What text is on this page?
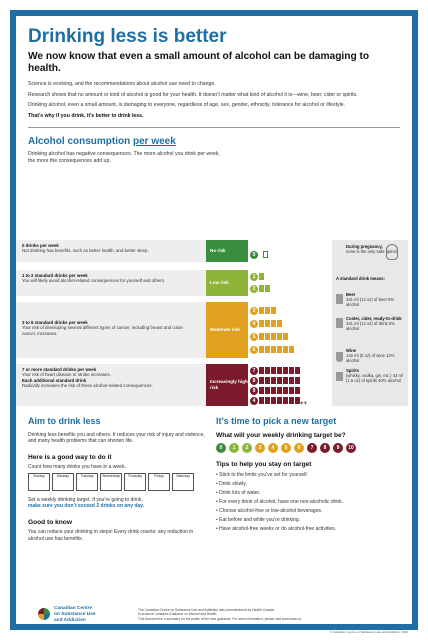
Drinking less is better
We now know that even a small amount of alcohol can be damaging to health.
Science is evolving, and the recommendations about alcohol use need to change.
Research shows that no amount or kind of alcohol is good for your health. It doesn’t matter what kind of alcohol it is—wine, beer, cider or spirits.
Drinking alcohol, even a small amount, is damaging to everyone, regardless of age, sex, gender, ethnicity, tolerance for alcohol or lifestyle.
That’s why if you drink, it’s better to drink less.
Alcohol consumption per week
Drinking alcohol has negative consequences. The more alcohol you drink per week, the more the consequences add up.
0 drinks per week
Not drinking has benefits, such as better health, and better sleep.	No risk
0
1 to 2 standard drinks per week
You will likely avoid alcohol-related consequences for yourself and others.	Low risk
1
2
3 to 6 standard drinks per week
Your risk of developing several different types of cancer, including breast and colon cancer, increases.
Moderate risk
3
4
5
6
7 or more standard drinks per week
Your risk of heart disease or stroke increases.
Each additional standard drink
Radically increases the risk of these alcohol-related consequences.
Increasingly high risk
7
8
9
4++
During pregnancy,
none is the only safe option.
A standard drink means:
Beer
341 ml (12 oz) of beer 5% alcohol
Cooler, cider, ready-to-drink
341 ml (12 oz) of drink 5% alcohol
Wine
142 ml (5 oz) of wine 12% alcohol
Spirits
(whisky, vodka, gin, etc.) 43 ml (1.5 oz) of spirits 40% alcohol
Aim to drink less
Drinking less benefits you and others. It reduces your risk of injury and violence, and many health problems that can shorten life.
Here is a good way to do it
Count how many drinks you have in a week.
Sunday	Monday	Tuesday	Wednesday	Thursday	Friday	Saturday
Set a weekly drinking target. If you’re going to drink,
make sure you don’t exceed 2 drinks on any day.
Good to know
You can reduce your drinking in steps! Every drink counts: any reduction in alcohol use has benefits.
It’s time to pick a new target
What will your weekly drinking target be?
0	1	2	3	4	5	6	7	8	9	10
Tips to help you stay on target
• Stick to the limits you’ve set for yourself.
• Drink slowly.
• Drink lots of water.
• For every drink of alcohol, have one non-alcoholic drink.
• Choose alcohol-free or low-alcohol beverages.
• Eat before and while you’re drinking.
• Have alcohol-free weeks or do alcohol-free activities.
Canadian Centre
on Substance Use
and Addiction
The Canadian Centre on Substance Use and Addiction was commissioned by Health Canada
to produce Canada’s Guidance on Alcohol and Health.
This document is a summary for the public of the new guidance. For more information, please visit www.ccsa.ca
© Canadian Centre on Substance Use and Addiction, 2023
